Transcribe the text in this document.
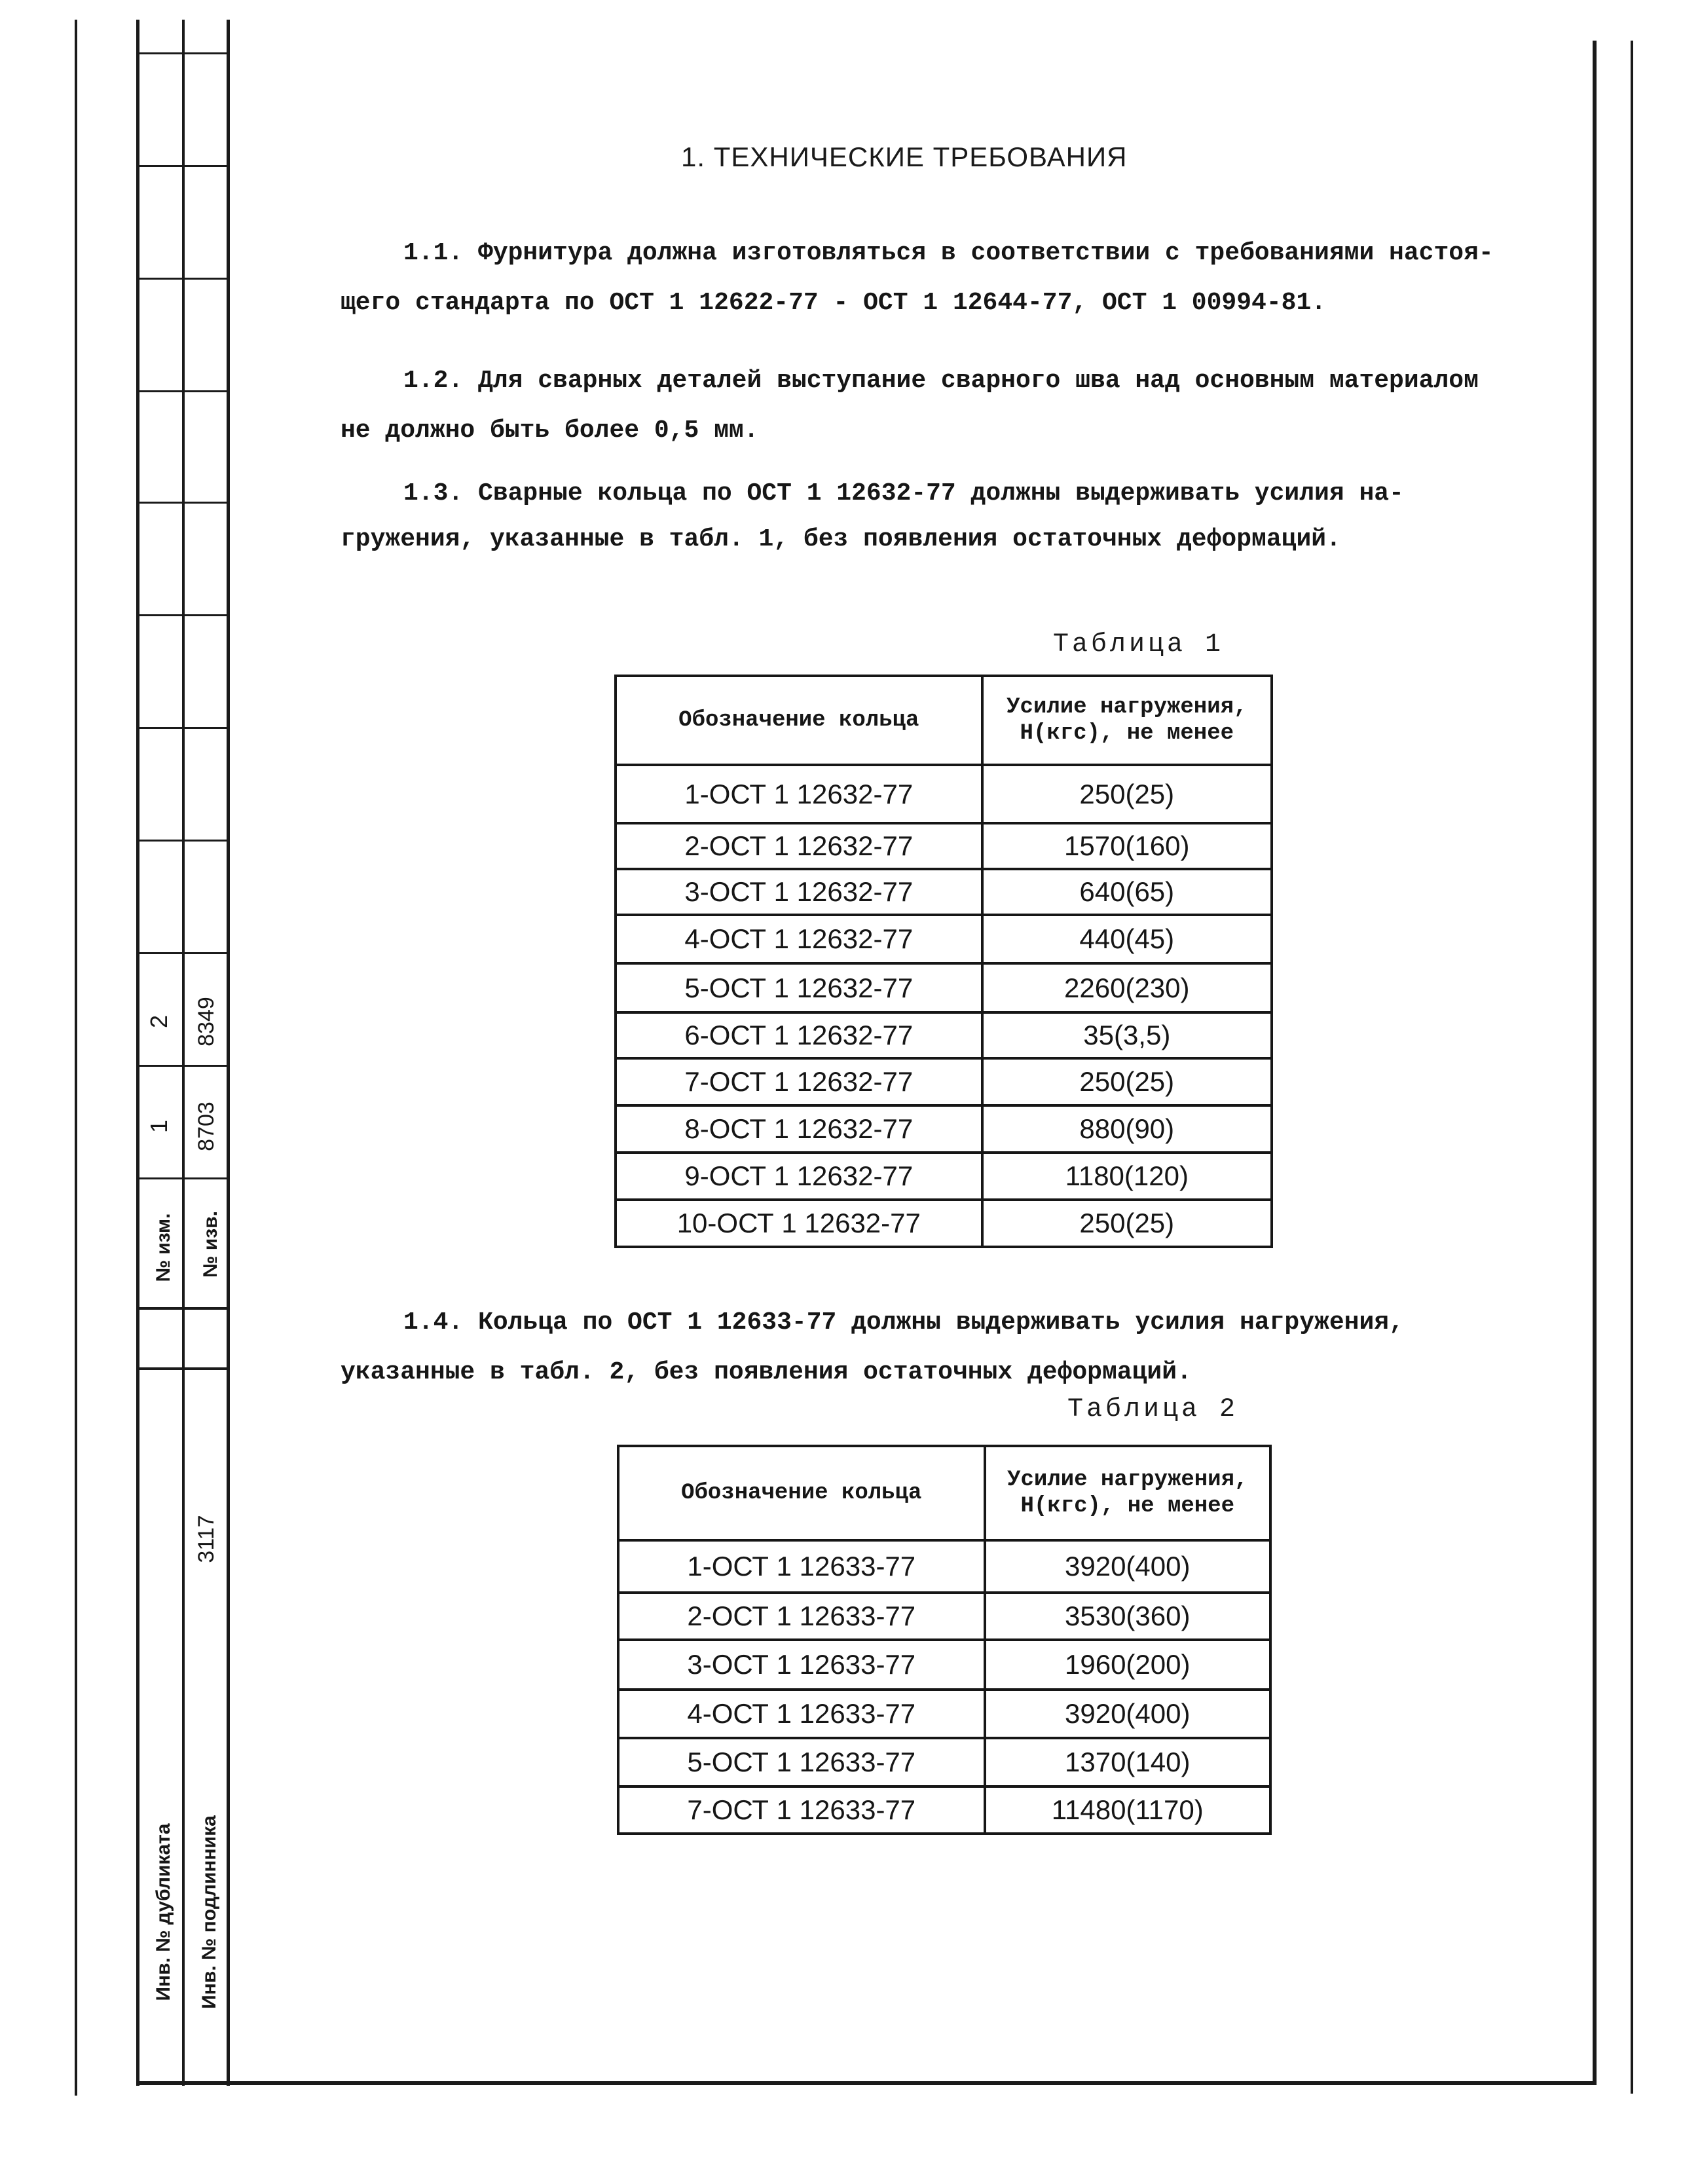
№ изм. № изв.
1 8703
2 8349
3117
Инв. № дубликата Инв. № подлинника
1. ТЕХНИЧЕСКИЕ ТРЕБОВАНИЯ
1.1. Фурнитура должна изготовляться в соответствии с требованиями настоя-
щего стандарта по ОСТ 1 12622-77 - ОСТ 1 12644-77, ОСТ 1 00994-81.
1.2. Для сварных деталей выступание сварного шва над основным материалом
не должно быть более 0,5 мм.
1.3. Сварные кольца по ОСТ 1 12632-77 должны выдерживать усилия на-
гружения, указанные в табл. 1, без появления остаточных деформаций.
Таблица 1
Обозначение кольца	Усилие нагружения,
Н(кгс), не менее
1-ОСТ 1 12632-77	250(25)
2-ОСТ 1 12632-77	1570(160)
3-ОСТ 1 12632-77	640(65)
4-ОСТ 1 12632-77	440(45)
5-ОСТ 1 12632-77	2260(230)
6-ОСТ 1 12632-77	35(3,5)
7-ОСТ 1 12632-77	250(25)
8-ОСТ 1 12632-77	880(90)
9-ОСТ 1 12632-77	1180(120)
10-ОСТ 1 12632-77	250(25)
1.4. Кольца по ОСТ 1 12633-77 должны выдерживать усилия нагружения,
указанные в табл. 2, без появления остаточных деформаций.
Таблица 2
Обозначение кольца	Усилие нагружения,
Н(кгс), не менее
1-ОСТ 1 12633-77	3920(400)
2-ОСТ 1 12633-77	3530(360)
3-ОСТ 1 12633-77	1960(200)
4-ОСТ 1 12633-77	3920(400)
5-ОСТ 1 12633-77	1370(140)
7-ОСТ 1 12633-77	11480(1170)
